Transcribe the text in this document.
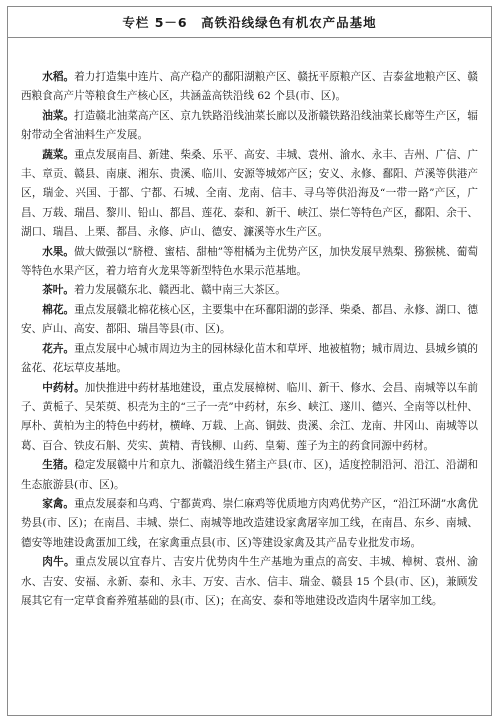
专栏 5－6　高铁沿线绿色有机农产品基地

水稻。着力打造集中连片、高产稳产的鄱阳湖粮产区、赣抚平原粮产区、吉泰盆地粮产区、赣西粮食高产片等粮食生产核心区，共涵盖高铁沿线 62 个县(市、区)。

油菜。打造赣北油菜高产区、京九铁路沿线油菜长廊以及浙赣铁路沿线油菜长廊等生产区，辐射带动全省油料生产发展。

蔬菜。重点发展南昌、新建、柴桑、乐平、高安、丰城、袁州、渝水、永丰、吉州、广信、广丰、章贡、赣县、南康、湘东、贵溪、临川、安源等城郊产区；安义、永修、鄱阳、芦溪等供港产区，瑞金、兴国、于都、宁都、石城、全南、龙南、信丰、寻乌等供沿海及“一带一路”产区，广昌、万载、瑞昌、黎川、铅山、都昌、莲花、泰和、新干、峡江、崇仁等特色产区，鄱阳、余干、湖口、瑞昌、上栗、都昌、永修、庐山、德安、濂溪等水生产区。

水果。做大做强以“脐橙、蜜桔、甜柚”等柑橘为主优势产区，加快发展早熟梨、猕猴桃、葡萄等特色水果产区，着力培育火龙果等新型特色水果示范基地。

茶叶。着力发展赣东北、赣西北、赣中南三大茶区。

棉花。重点发展赣北棉花核心区，主要集中在环鄱阳湖的彭泽、柴桑、都昌、永修、湖口、德安、庐山、高安、都阳、瑞昌等县(市、区)。

花卉。重点发展中心城市周边为主的园林绿化苗木和草坪、地被植物；城市周边、县城乡镇的盆花、花坛草皮基地。

中药材。加快推进中药材基地建设，重点发展樟树、临川、新干、修水、会昌、南城等以车前子、黄栀子、吴茱萸、枳壳为主的“三子一壳”中药材，东乡、峡江、遂川、德兴、全南等以杜仲、厚朴、黄柏为主的特色中药材，横峰、万载、上高、铜鼓、贵溪、余江、龙南、井冈山、南城等以葛、百合、铁皮石斛、芡实、黄精、青钱柳、山药、皇菊、莲子为主的药食同源中药材。

生猪。稳定发展赣中片和京九、浙赣沿线生猪主产县(市、区)，适度控制沿河、沿江、沿湖和生态旅游县(市、区)。

家禽。重点发展泰和乌鸡、宁都黄鸡、崇仁麻鸡等优质地方肉鸡优势产区，“沿江环湖”水禽优势县(市、区)；在南昌、丰城、崇仁、南城等地改造建设家禽屠宰加工线，在南昌、东乡、南城、德安等地建设禽蛋加工线，在家禽重点县(市、区)等建设家禽及其产品专业批发市场。

肉牛。重点发展以宜春片、吉安片优势肉牛生产基地为重点的高安、丰城、樟树、袁州、渝水、吉安、安福、永新、泰和、永丰、万安、吉水、信丰、瑞金、赣县 15 个县(市、区)，兼顾发展其它有一定草食畜养殖基础的县(市、区)；在高安、泰和等地建设改造肉牛屠宰加工线。
